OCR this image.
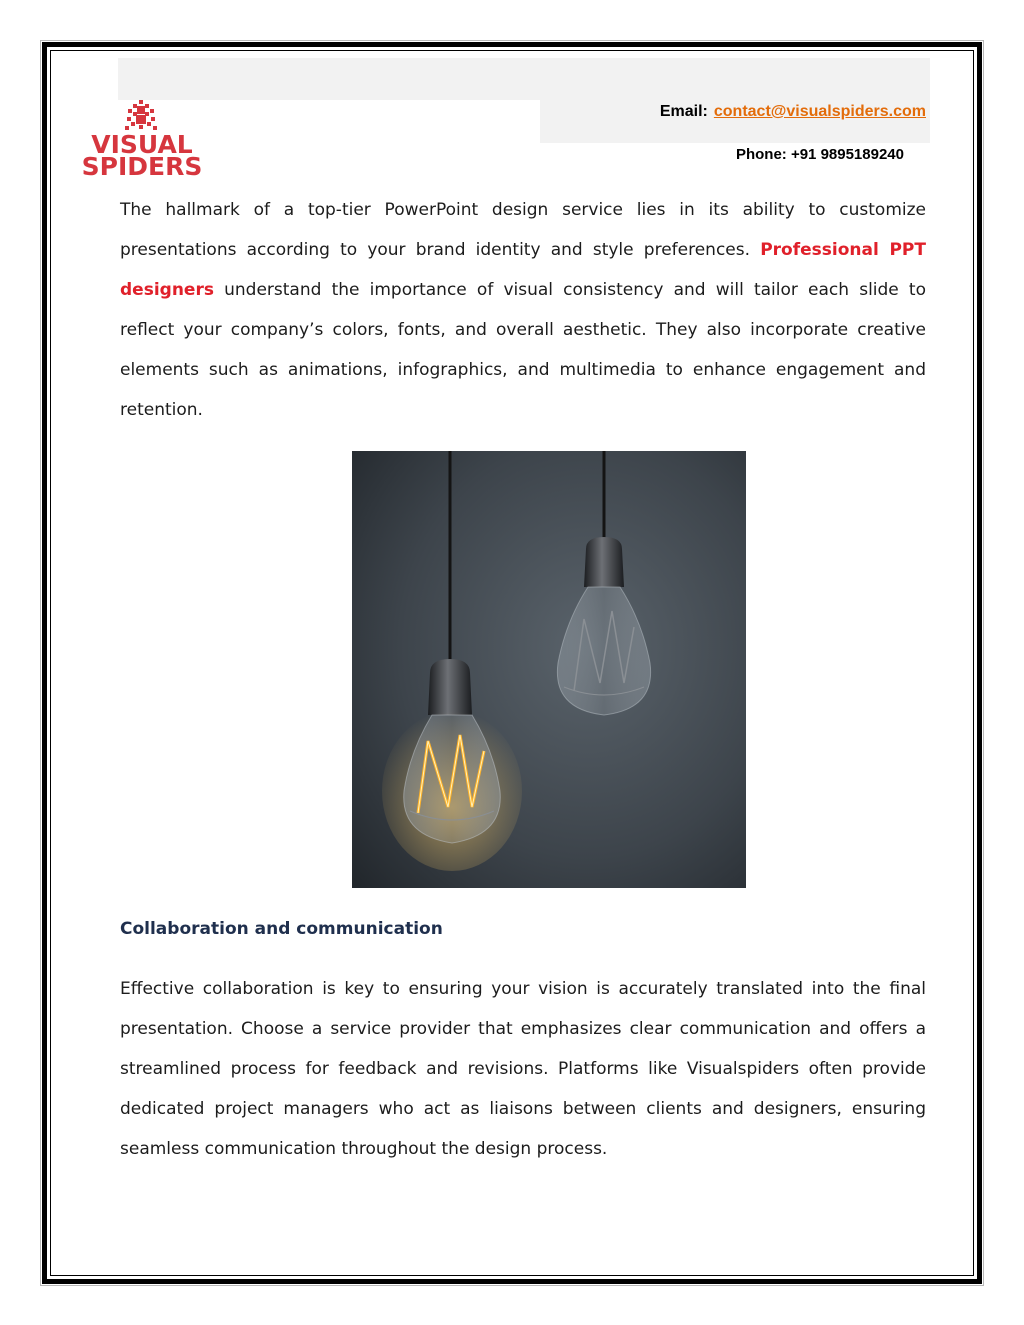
VISUAL
SPIDERS
Email: contact@visualspiders.com
Phone: +91 9895189240

The hallmark of a top-tier PowerPoint design service lies in its ability to customize presentations according to your brand identity and style preferences. Professional PPT designers understand the importance of visual consistency and will tailor each slide to reflect your company’s colors, fonts, and overall aesthetic. They also incorporate creative elements such as animations, infographics, and multimedia to enhance engagement and retention.

creative
Collaboration and communication

Effective collaboration is key to ensuring your vision is accurately translated into the final presentation. Choose a service provider that emphasizes clear communication and offers a streamlined process for feedback and revisions. Platforms like Visualspiders often provide dedicated project managers who act as liaisons between clients and designers, ensuring seamless communication throughout the design process.
